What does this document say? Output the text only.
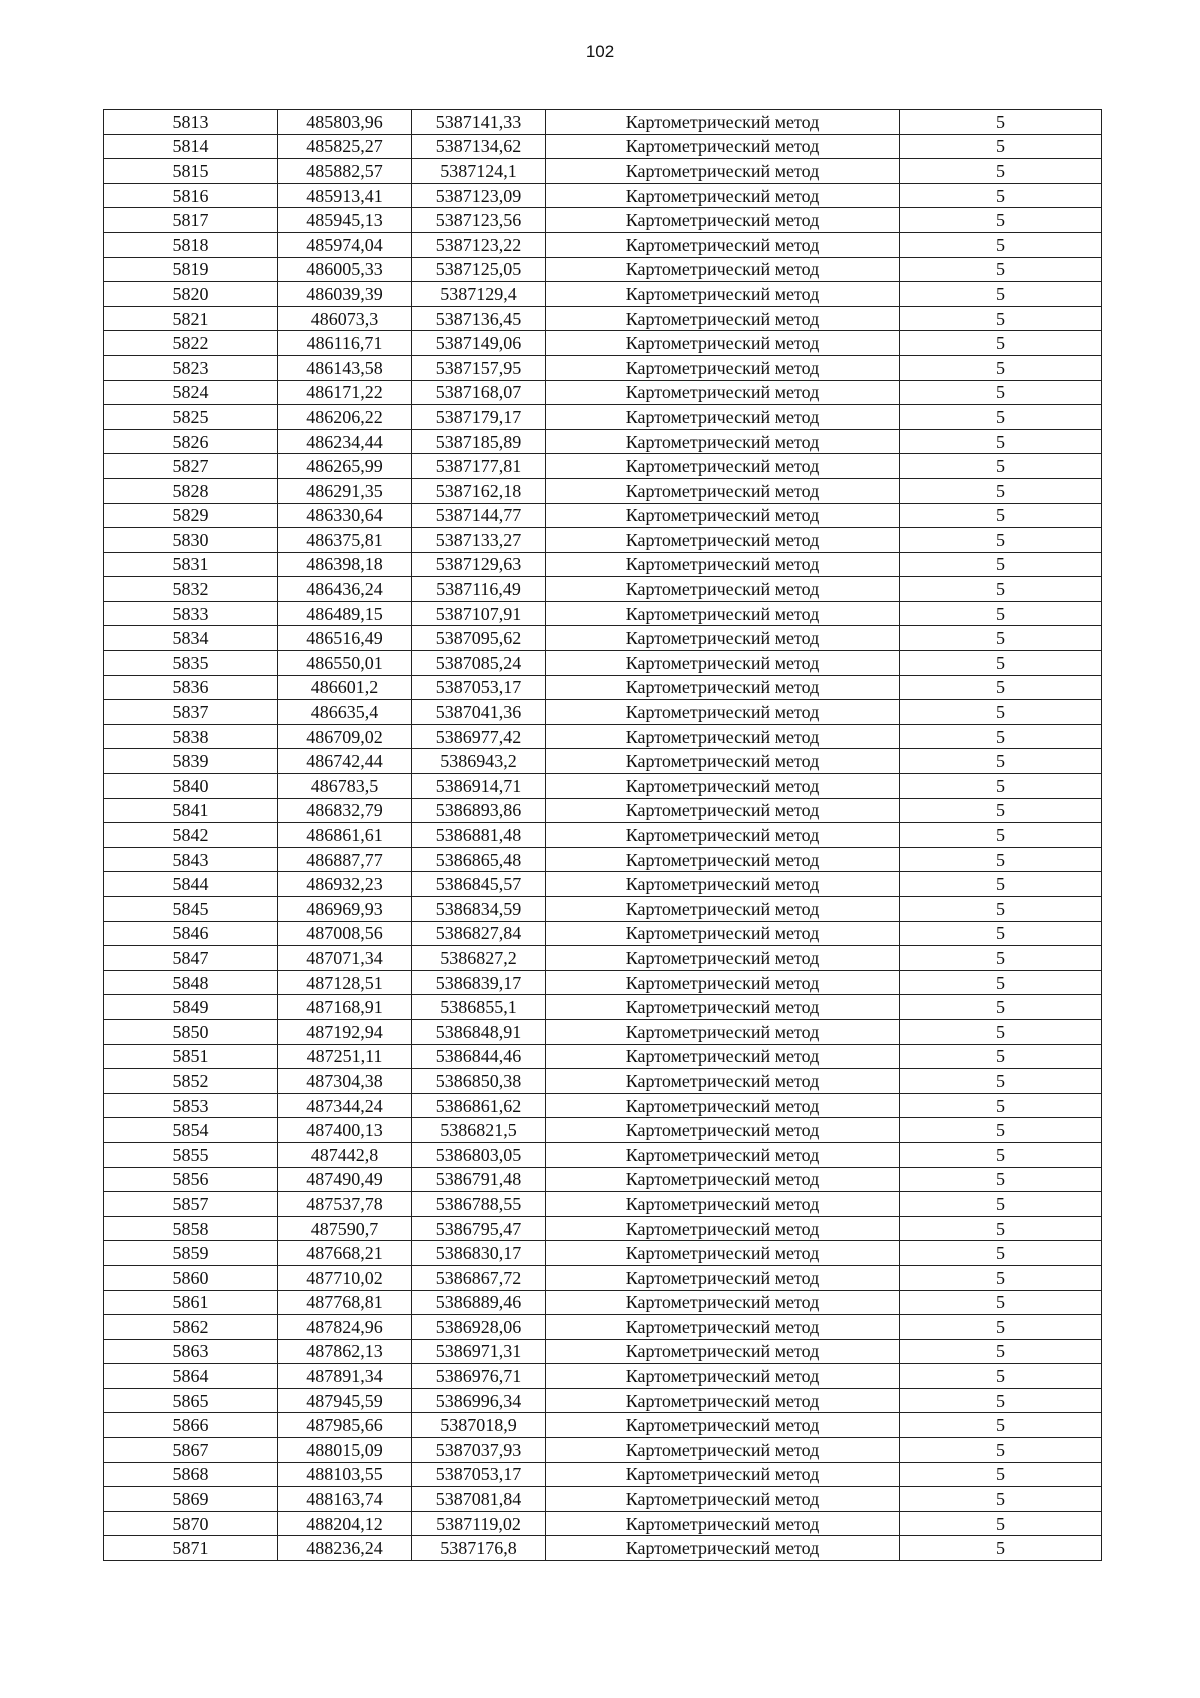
102
5813	485803,96	5387141,33	Картометрический метод	5
5814	485825,27	5387134,62	Картометрический метод	5
5815	485882,57	5387124,1	Картометрический метод	5
5816	485913,41	5387123,09	Картометрический метод	5
5817	485945,13	5387123,56	Картометрический метод	5
5818	485974,04	5387123,22	Картометрический метод	5
5819	486005,33	5387125,05	Картометрический метод	5
5820	486039,39	5387129,4	Картометрический метод	5
5821	486073,3	5387136,45	Картометрический метод	5
5822	486116,71	5387149,06	Картометрический метод	5
5823	486143,58	5387157,95	Картометрический метод	5
5824	486171,22	5387168,07	Картометрический метод	5
5825	486206,22	5387179,17	Картометрический метод	5
5826	486234,44	5387185,89	Картометрический метод	5
5827	486265,99	5387177,81	Картометрический метод	5
5828	486291,35	5387162,18	Картометрический метод	5
5829	486330,64	5387144,77	Картометрический метод	5
5830	486375,81	5387133,27	Картометрический метод	5
5831	486398,18	5387129,63	Картометрический метод	5
5832	486436,24	5387116,49	Картометрический метод	5
5833	486489,15	5387107,91	Картометрический метод	5
5834	486516,49	5387095,62	Картометрический метод	5
5835	486550,01	5387085,24	Картометрический метод	5
5836	486601,2	5387053,17	Картометрический метод	5
5837	486635,4	5387041,36	Картометрический метод	5
5838	486709,02	5386977,42	Картометрический метод	5
5839	486742,44	5386943,2	Картометрический метод	5
5840	486783,5	5386914,71	Картометрический метод	5
5841	486832,79	5386893,86	Картометрический метод	5
5842	486861,61	5386881,48	Картометрический метод	5
5843	486887,77	5386865,48	Картометрический метод	5
5844	486932,23	5386845,57	Картометрический метод	5
5845	486969,93	5386834,59	Картометрический метод	5
5846	487008,56	5386827,84	Картометрический метод	5
5847	487071,34	5386827,2	Картометрический метод	5
5848	487128,51	5386839,17	Картометрический метод	5
5849	487168,91	5386855,1	Картометрический метод	5
5850	487192,94	5386848,91	Картометрический метод	5
5851	487251,11	5386844,46	Картометрический метод	5
5852	487304,38	5386850,38	Картометрический метод	5
5853	487344,24	5386861,62	Картометрический метод	5
5854	487400,13	5386821,5	Картометрический метод	5
5855	487442,8	5386803,05	Картометрический метод	5
5856	487490,49	5386791,48	Картометрический метод	5
5857	487537,78	5386788,55	Картометрический метод	5
5858	487590,7	5386795,47	Картометрический метод	5
5859	487668,21	5386830,17	Картометрический метод	5
5860	487710,02	5386867,72	Картометрический метод	5
5861	487768,81	5386889,46	Картометрический метод	5
5862	487824,96	5386928,06	Картометрический метод	5
5863	487862,13	5386971,31	Картометрический метод	5
5864	487891,34	5386976,71	Картометрический метод	5
5865	487945,59	5386996,34	Картометрический метод	5
5866	487985,66	5387018,9	Картометрический метод	5
5867	488015,09	5387037,93	Картометрический метод	5
5868	488103,55	5387053,17	Картометрический метод	5
5869	488163,74	5387081,84	Картометрический метод	5
5870	488204,12	5387119,02	Картометрический метод	5
5871	488236,24	5387176,8	Картометрический метод	5
